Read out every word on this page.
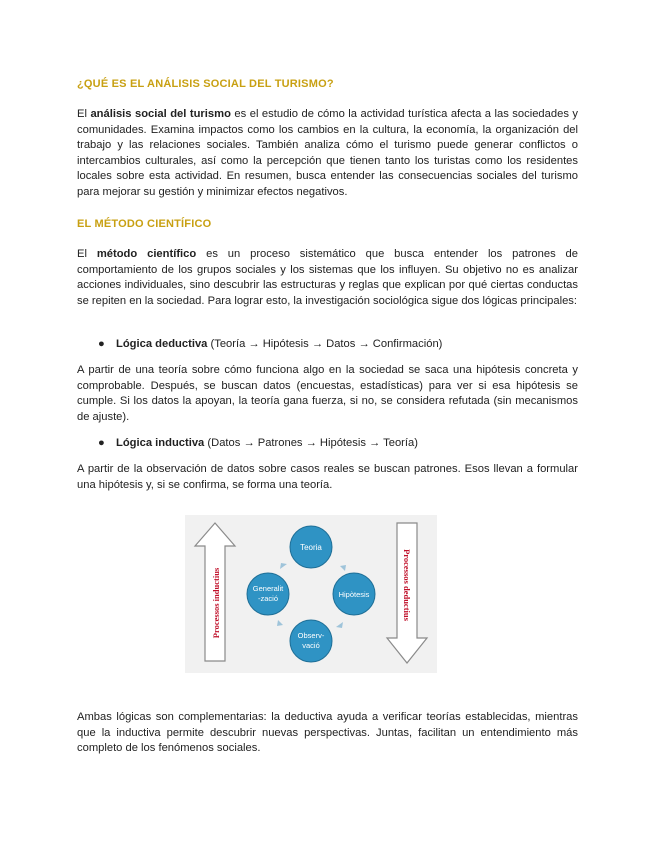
¿QUÉ ES EL ANÁLISIS SOCIAL DEL TURISMO?

El análisis social del turismo es el estudio de cómo la actividad turística afecta a las sociedades y comunidades. Examina impactos como los cambios en la cultura, la economía, la organización del trabajo y las relaciones sociales. También analiza cómo el turismo puede generar conflictos o intercambios culturales, así como la percepción que tienen tanto los turistas como los residentes locales sobre esta actividad. En resumen, busca entender las consecuencias sociales del turismo para mejorar su gestión y minimizar efectos negativos.

EL MÉTODO CIENTÍFICO

El método científico es un proceso sistemático que busca entender los patrones de comportamiento de los grupos sociales y los sistemas que los influyen. Su objetivo no es analizar acciones individuales, sino descubrir las estructuras y reglas que explican por qué ciertas conductas se repiten en la sociedad. Para lograr esto, la investigación sociológica sigue dos lógicas principales:

● Lógica deductiva (Teoría → Hipótesis → Datos → Confirmación)

A partir de una teoría sobre cómo funciona algo en la sociedad se saca una hipótesis concreta y comprobable. Después, se buscan datos (encuestas, estadísticas) para ver si esa hipótesis se cumple. Si los datos la apoyan, la teoría gana fuerza, si no, se considera refutada (sin mecanismos de ajuste).

● Lógica inductiva (Datos → Patrones → Hipótesis → Teoría)

A partir de la observación de datos sobre casos reales se buscan patrones. Esos llevan a formular una hipótesis y, si se confirma, se forma una teoría.

Processos inductius	Processos deductius
Teoria
Hipòtesis
Observ-
vació
Generalit
-zació

Ambas lógicas son complementarias: la deductiva ayuda a verificar teorías establecidas, mientras que la inductiva permite descubrir nuevas perspectivas. Juntas, facilitan un entendimiento más completo de los fenómenos sociales.
